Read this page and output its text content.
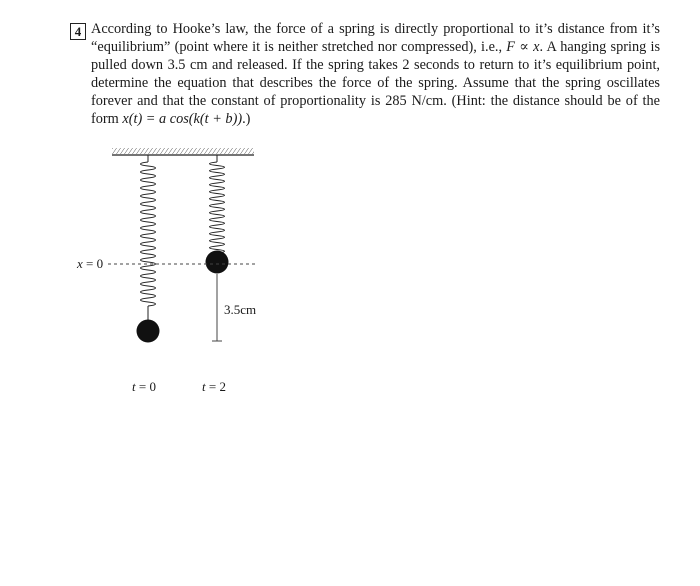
4 According to Hooke’s law, the force of a spring is directly proportional to it’s distance from it’s “equilibrium” (point where it is neither stretched nor compressed), i.e., F ∝ x. A hanging spring is pulled down 3.5 cm and released. If the spring takes 2 seconds to return to it’s equilibrium point, determine the equation that describes the force of the spring. Assume that the spring oscillates forever and that the constant of proportionality is 285 N/cm. (Hint: the distance should be of the form x(t) = a cos(k(t + b)).)
x = 0
3.5cm
t = 0	t = 2
